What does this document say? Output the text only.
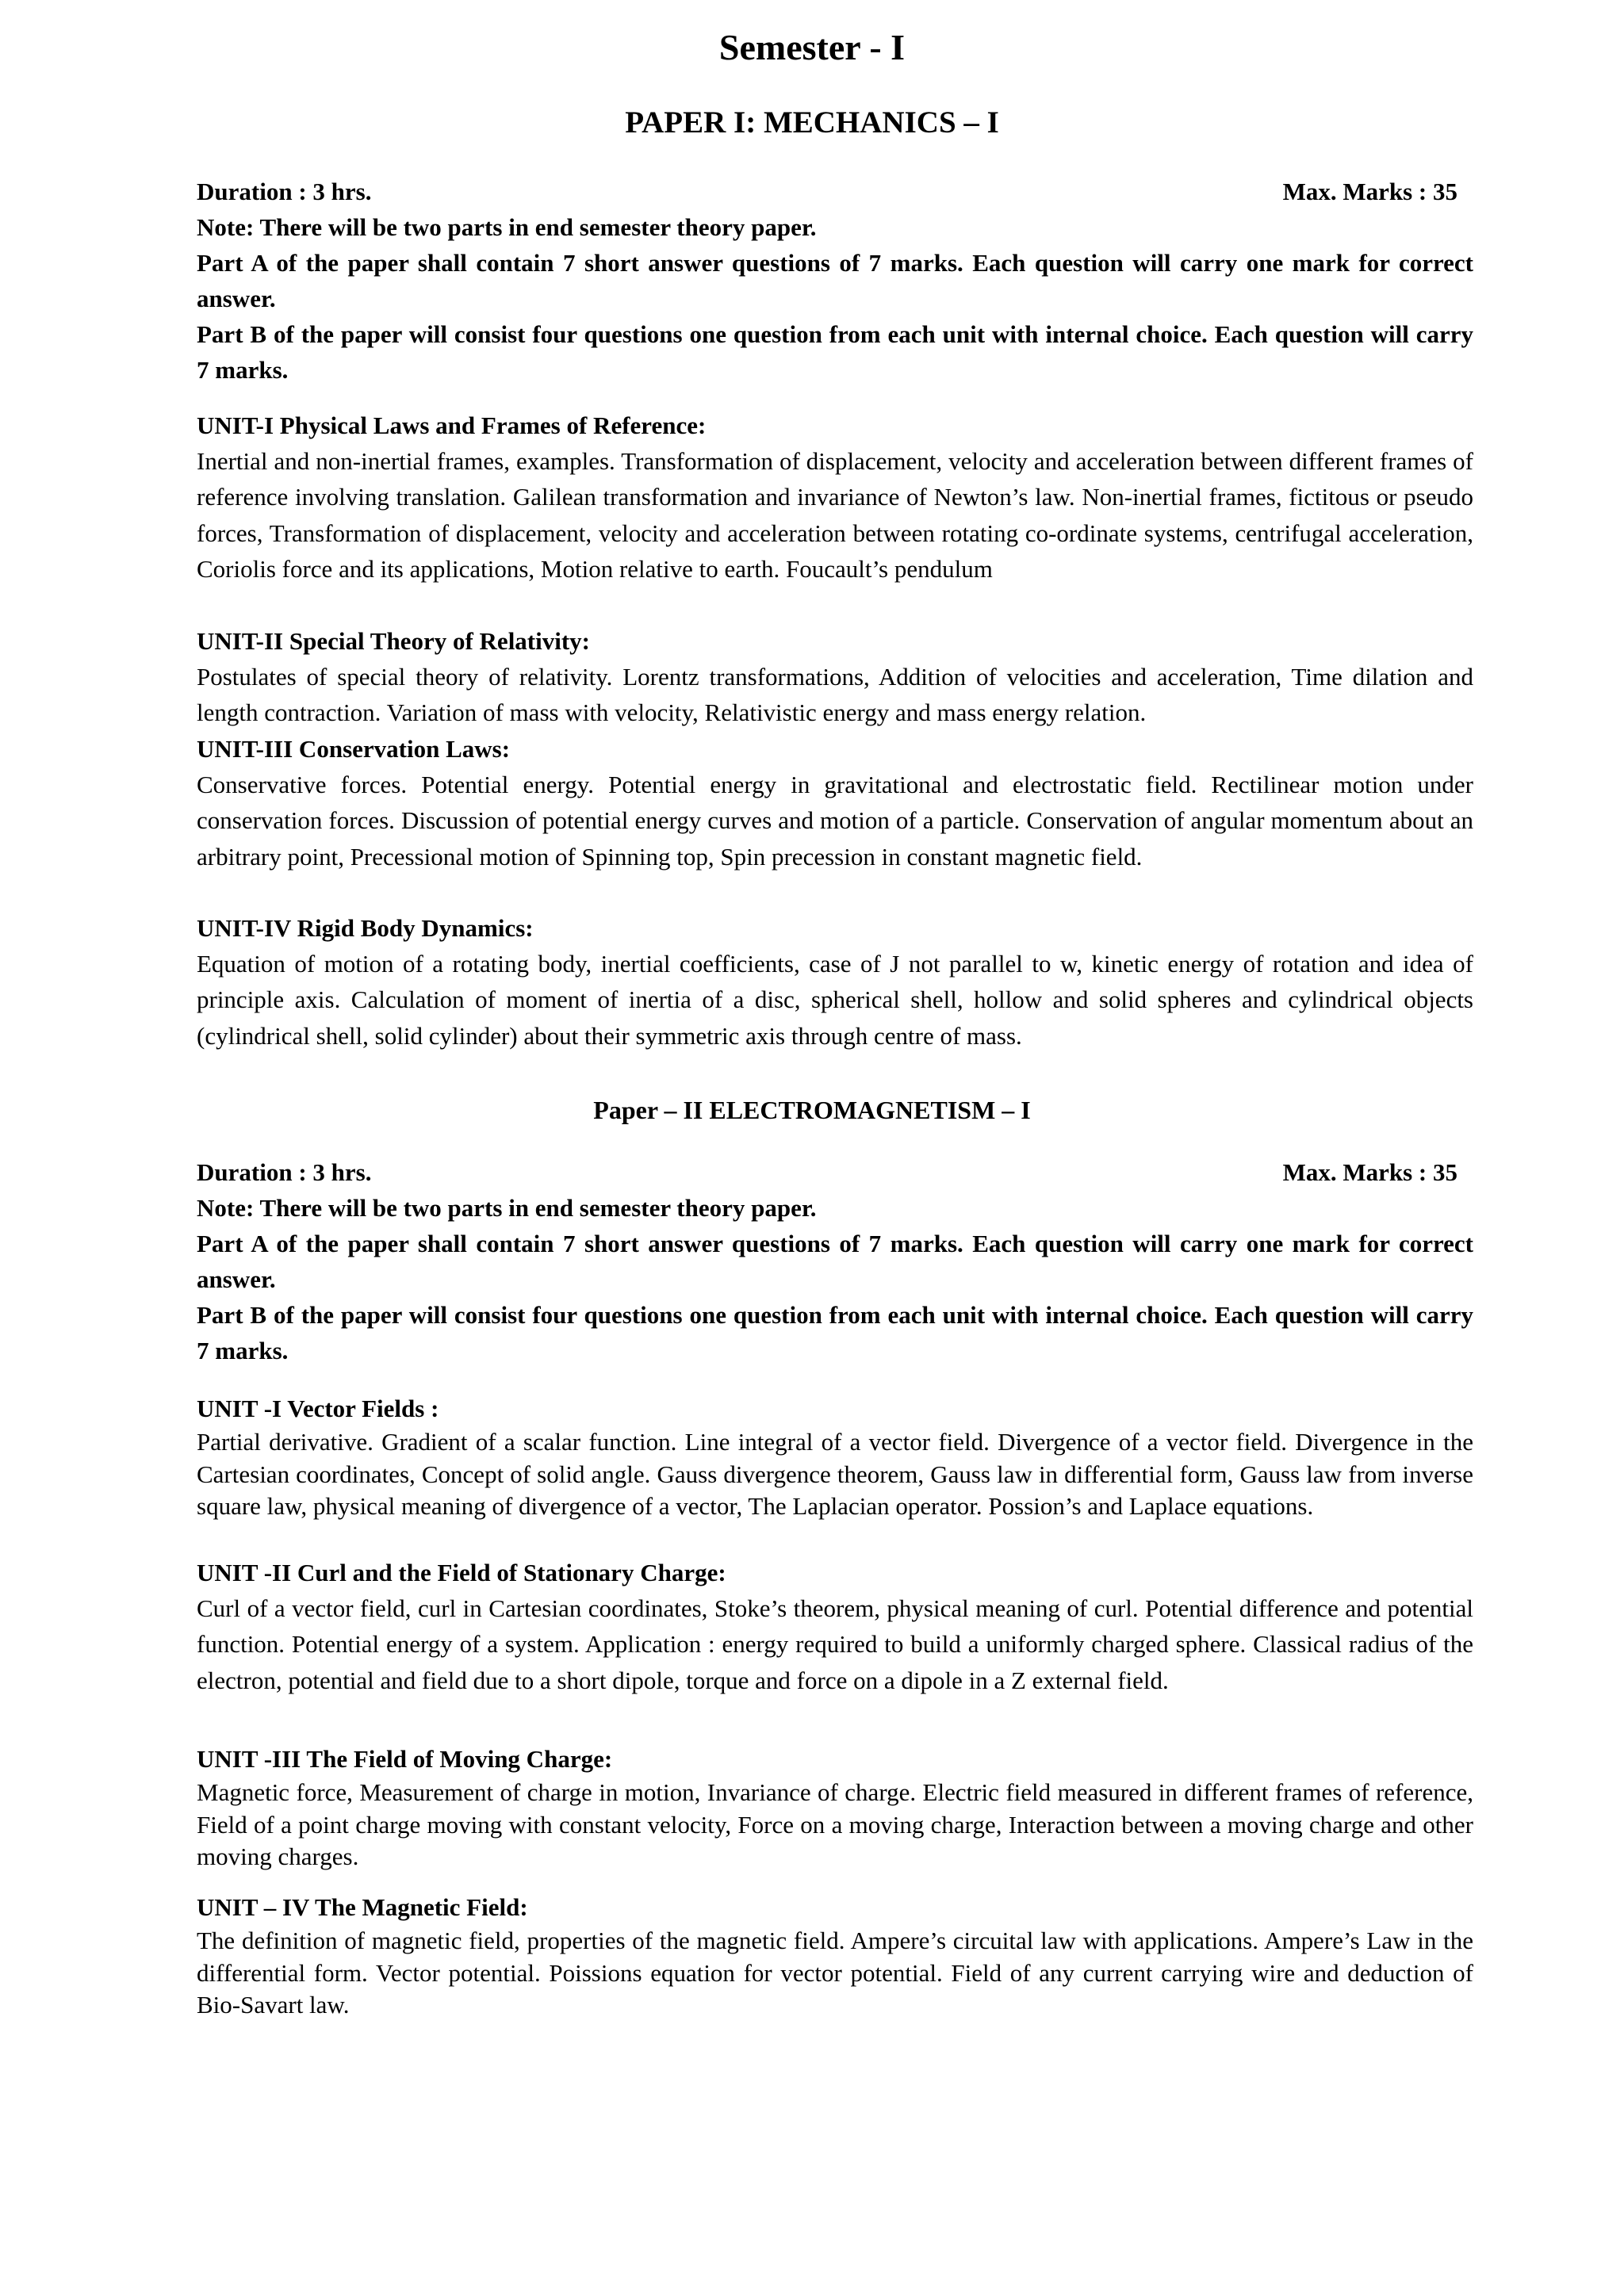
Semester - I
PAPER I: MECHANICS – I
Duration : 3 hrs.	Max. Marks : 35
Note: There will be two parts in end semester theory paper.

Part A of the paper shall contain 7 short answer questions of 7 marks. Each question will carry one mark for correct answer.

Part B of the paper will consist four questions one question from each unit with internal choice. Each question will carry 7 marks.

UNIT-I Physical Laws and Frames of Reference:

Inertial and non-inertial frames, examples. Transformation of displacement, velocity and acceleration between different frames of reference involving translation. Galilean transformation and invariance of Newton’s law. Non-inertial frames, fictitous or pseudo forces, Transformation of displacement, velocity and acceleration between rotating co-ordinate systems, centrifugal acceleration, Coriolis force and its applications, Motion relative to earth. Foucault’s pendulum

UNIT-II Special Theory of Relativity:

Postulates of special theory of relativity. Lorentz transformations, Addition of velocities and acceleration, Time dilation and length contraction. Variation of mass with velocity, Relativistic energy and mass energy relation.

UNIT-III Conservation Laws:

Conservative forces. Potential energy. Potential energy in gravitational and electrostatic field. Rectilinear motion under conservation forces. Discussion of potential energy curves and motion of a particle. Conservation of angular momentum about an arbitrary point, Precessional motion of Spinning top, Spin precession in constant magnetic field.

UNIT-IV Rigid Body Dynamics:

Equation of motion of a rotating body, inertial coefficients, case of J not parallel to w, kinetic energy of rotation and idea of principle axis. Calculation of moment of inertia of a disc, spherical shell, hollow and solid spheres and cylindrical objects (cylindrical shell, solid cylinder) about their symmetric axis through centre of mass.

Paper – II ELECTROMAGNETISM – I
Duration : 3 hrs.	Max. Marks : 35
Note: There will be two parts in end semester theory paper.

Part A of the paper shall contain 7 short answer questions of 7 marks. Each question will carry one mark for correct answer.

Part B of the paper will consist four questions one question from each unit with internal choice. Each question will carry 7 marks.

UNIT -I Vector Fields :

Partial derivative. Gradient of a scalar function. Line integral of a vector field. Divergence of a vector field. Divergence in the Cartesian coordinates, Concept of solid angle. Gauss divergence theorem, Gauss law in differential form, Gauss law from inverse square law, physical meaning of divergence of a vector, The Laplacian operator. Possion’s and Laplace equations.

UNIT -II Curl and the Field of Stationary Charge:

Curl of a vector field, curl in Cartesian coordinates, Stoke’s theorem, physical meaning of curl. Potential difference and potential function. Potential energy of a system. Application : energy required to build a uniformly charged sphere. Classical radius of the electron, potential and field due to a short dipole, torque and force on a dipole in a Z external field.

UNIT -III The Field of Moving Charge:

Magnetic force, Measurement of charge in motion, Invariance of charge. Electric field measured in different frames of reference, Field of a point charge moving with constant velocity, Force on a moving charge, Interaction between a moving charge and other moving charges.

UNIT – IV The Magnetic Field:

The definition of magnetic field, properties of the magnetic field. Ampere’s circuital law with applications. Ampere’s Law in the differential form. Vector potential. Poissions equation for vector potential. Field of any current carrying wire and deduction of Bio-Savart law.
